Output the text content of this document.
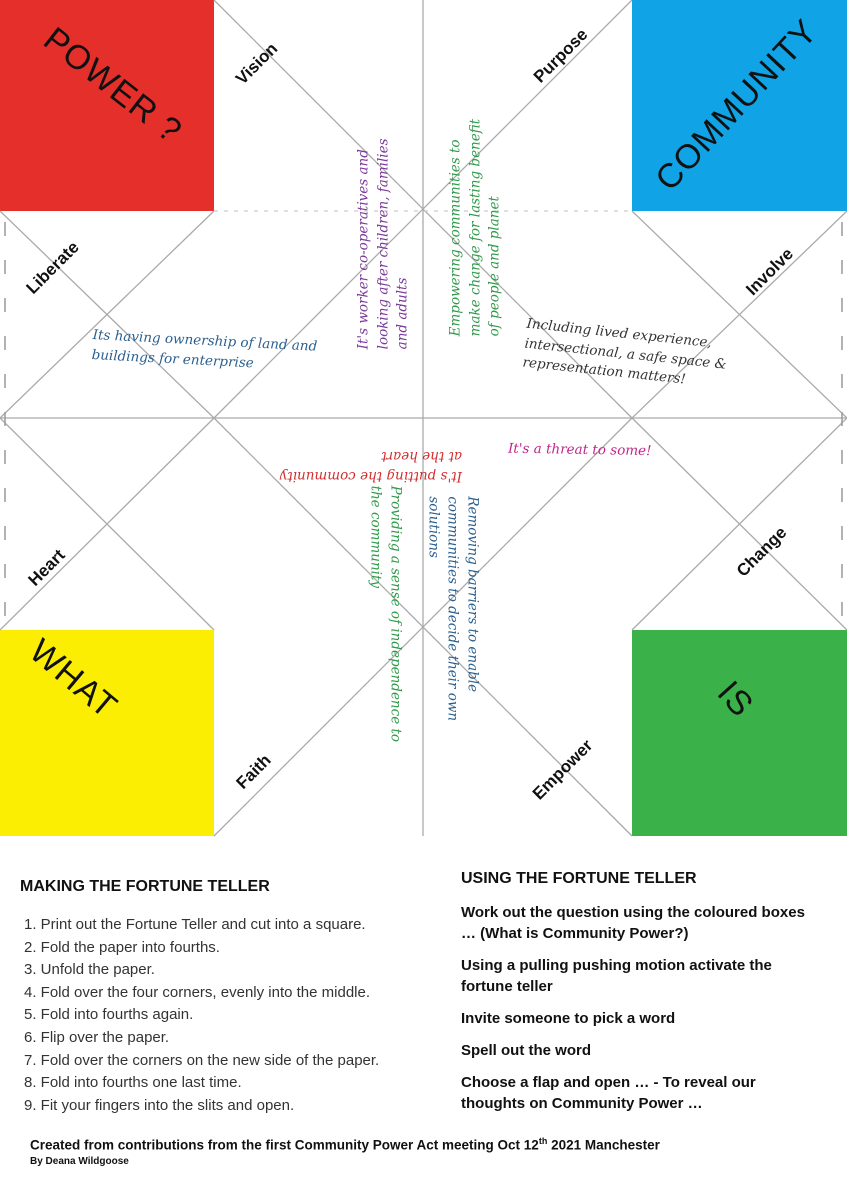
POWER ?	COMMUNITY
WHAT	IS
Vision	Purpose
Liberate	Involve
Heart	Change
Faith	Empower
It's worker co-operatives and looking after children, families and adults	Empowering communities to make change for lasting benefit of people and planet
Its having ownership of land and buildings for enterprise
Including lived experience, intersectional, a safe space & representation matters!
It's putting the community at the heart	It's a threat to some!
Providing a sense of independence to the community	Removing barriers to enable communities to decide their own solutions
MAKING THE FORTUNE TELLER
1. Print out the Fortune Teller and cut into a square.
2. Fold the paper into fourths.
3. Unfold the paper.
4. Fold over the four corners, evenly into the middle.
5. Fold into fourths again.
6. Flip over the paper.
7. Fold over the corners on the new side of the paper.
8. Fold into fourths one last time.
9. Fit your fingers into the slits and open.
USING THE FORTUNE TELLER
Work out the question using the coloured boxes … (What is Community Power?)
Using a pulling pushing motion activate the fortune teller
Invite someone to pick a word
Spell out the word
Choose a flap and open … - To reveal our thoughts on Community Power …
Created from contributions from the first Community Power Act meeting Oct 12th 2021 Manchester
By Deana Wildgoose
